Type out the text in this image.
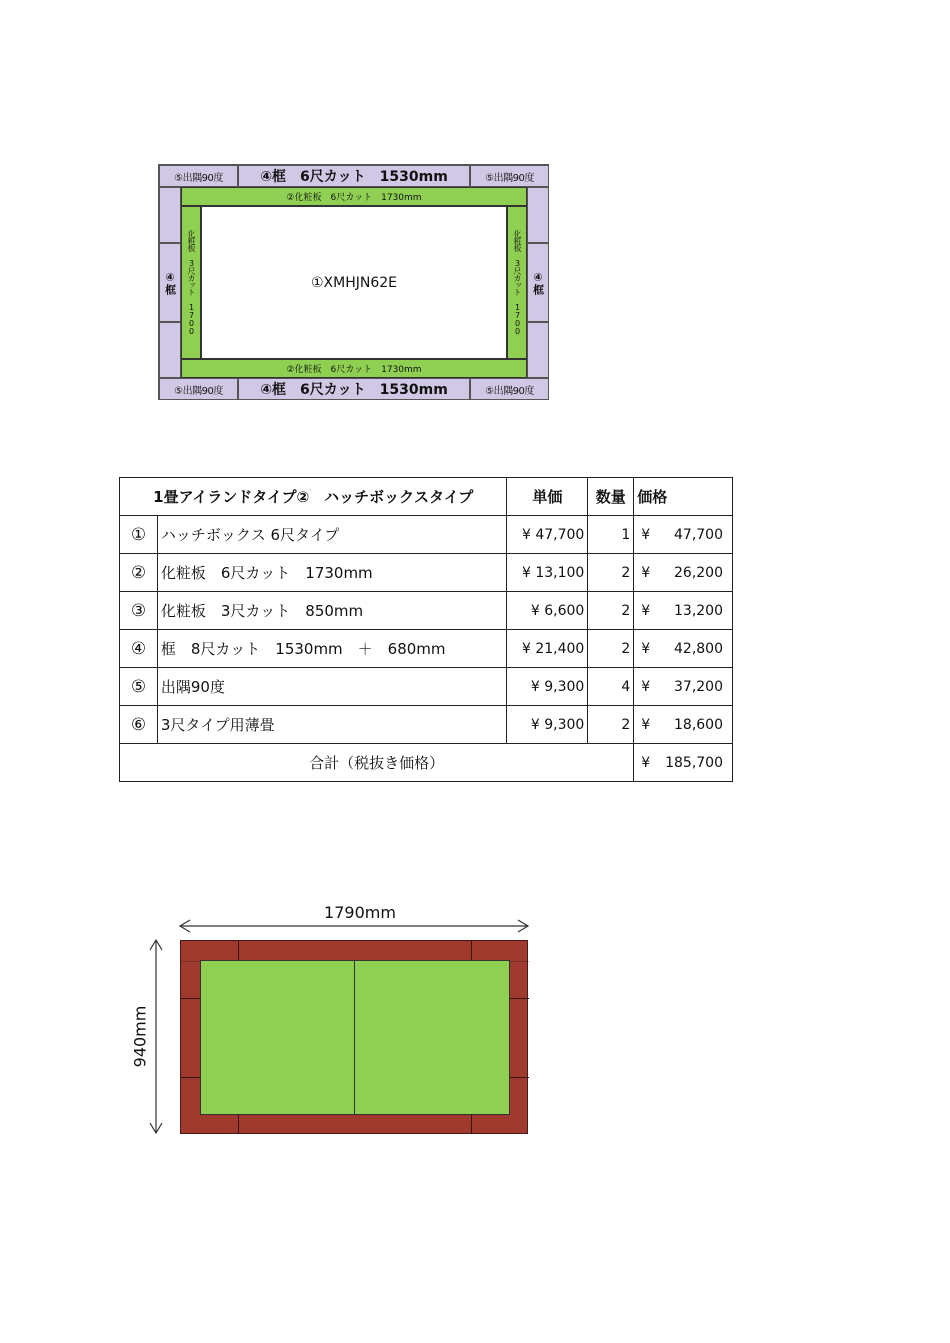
⑤出隅90度	④框　6尺カット　1530mm	⑤出隅90度
⑤出隅90度	④框　6尺カット　1530mm	⑤出隅90度
④框	④框
②化粧板　6尺カット　1730mm
②化粧板　6尺カット　1730mm
化粧板 3尺カット 1700	化粧板 3尺カット 1700
①XMHJN62E
1畳アイランドタイプ②　ハッチボックスタイプ		単価	数量	価格
①	ハッチボックス 6尺タイプ	¥ 47,700	1	¥ 47,700

②	化粧板　6尺カット　1730mm	¥ 13,100	2	¥ 26,200

③	化粧板　3尺カット　850mm	¥ 6,600	2	¥ 13,200

④	框　8尺カット　1530mm　＋　680mm	¥ 21,400	2	¥ 42,800

⑤	出隅90度	¥ 9,300	4	¥ 37,200

⑥	3尺タイプ用薄畳	¥ 9,300	2	¥ 18,600

合計（税抜き価格）				¥ 185,700
1790mm
940mm
